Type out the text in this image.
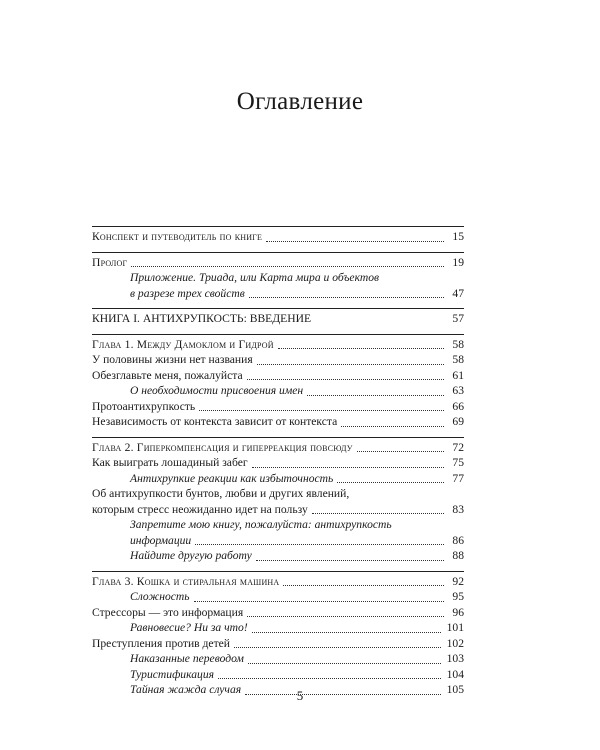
Оглавление
Конспект и путеводитель по книге	15
Пролог	19
Приложение. Триада, или Карта мира и объектов
в разрезе трех свойств	47
КНИГА I. АНТИХРУПКОСТЬ: ВВЕДЕНИЕ	57
Глава 1. Между Дамоклом и Гидрой	58
У половины жизни нет названия	58
Обезглавьте меня, пожалуйста	61
О необходимости присвоения имен	63
Протоантихрупкость	66
Независимость от контекста зависит от контекста	69
Глава 2. Гиперкомпенсация и гиперреакция повсюду	72
Как выиграть лошадиный забег	75
Антихрупкие реакции как избыточность	77
Об антихрупкости бунтов, любви и других явлений,
которым стресс неожиданно идет на пользу	83
Запретите мою книгу, пожалуйста: антихрупкость
информации	86
Найдите другую работу	88
Глава 3. Кошка и стиральная машина	92
Сложность	95
Стрессоры — это информация	96
Равновесие? Ни за что!	101
Преступления против детей	102
Наказанные переводом	103
Туристификация	104
Тайная жажда случая	105
5
